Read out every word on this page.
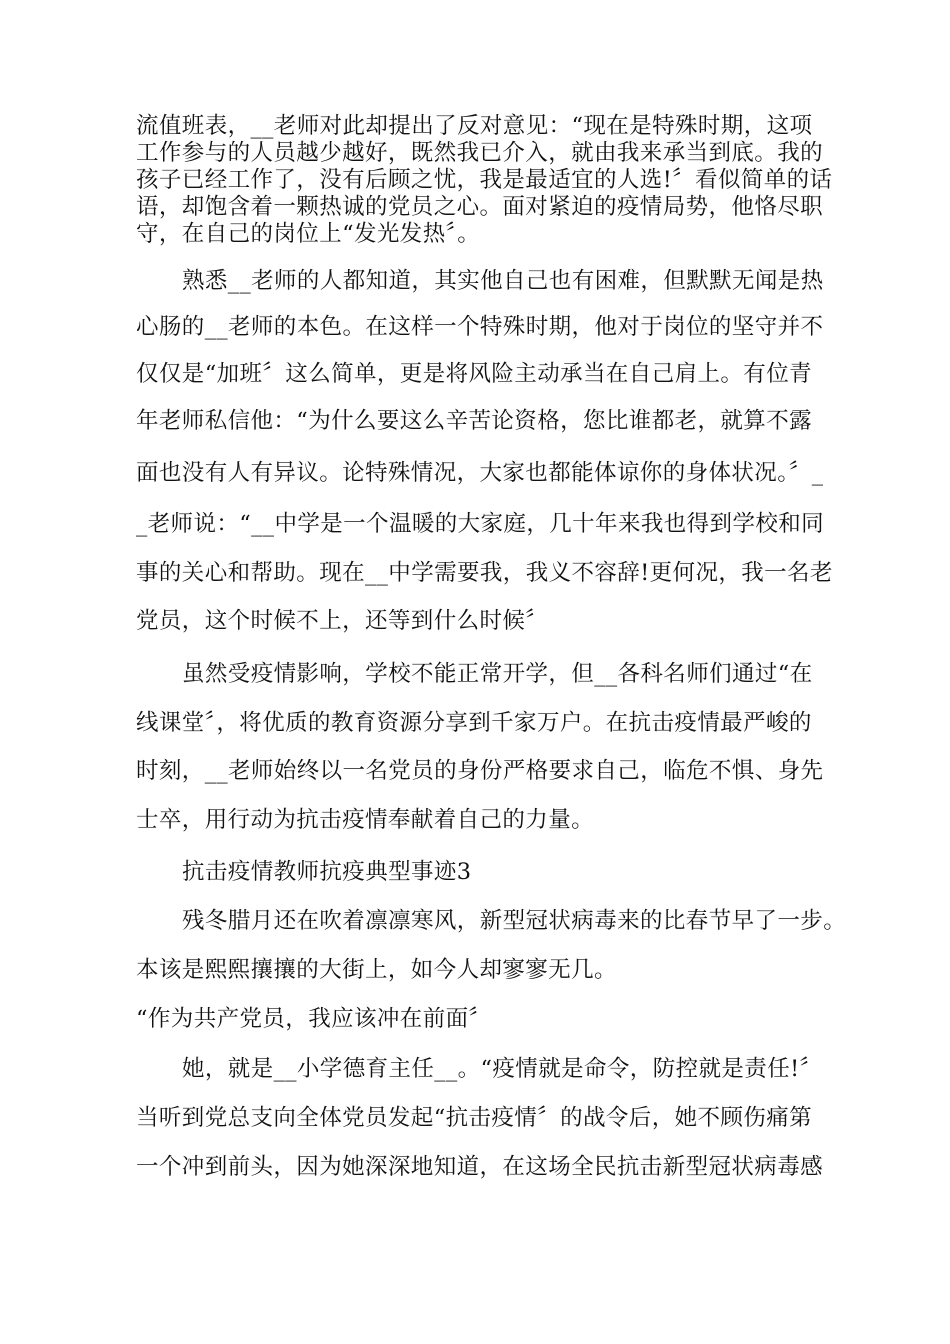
流值班表，__老师对此却提出了反对意见：“现在是特殊时期，这项
工作参与的人员越少越好，既然我已介入，就由我来承当到底。我的
孩子已经工作了，没有后顾之忧，我是最适宜的人选!〞看似简单的话
语，却饱含着一颗热诚的党员之心。面对紧迫的疫情局势，他恪尽职
守，在自己的岗位上“发光发热〞。
熟悉__老师的人都知道，其实他自己也有困难，但默默无闻是热
心肠的__老师的本色。在这样一个特殊时期，他对于岗位的坚守并不
仅仅是“加班〞这么简单，更是将风险主动承当在自己肩上。有位青
年老师私信他：“为什么要这么辛苦论资格，您比谁都老，就算不露
面也没有人有异议。论特殊情况，大家也都能体谅你的身体状况。〞_
_老师说：“__中学是一个温暖的大家庭，几十年来我也得到学校和同
事的关心和帮助。现在__中学需要我，我义不容辞!更何况，我一名老
党员，这个时候不上，还等到什么时候〞
虽然受疫情影响，学校不能正常开学，但__各科名师们通过“在
线课堂〞，将优质的教育资源分享到千家万户。在抗击疫情最严峻的
时刻，__老师始终以一名党员的身份严格要求自己，临危不惧、身先
士卒，用行动为抗击疫情奉献着自己的力量。
抗击疫情教师抗疫典型事迹3
残冬腊月还在吹着凛凛寒风，新型冠状病毒来的比春节早了一步。
本该是熙熙攘攘的大街上，如今人却寥寥无几。
“作为共产党员，我应该冲在前面〞
她，就是__小学德育主任__。“疫情就是命令，防控就是责任!〞
当听到党总支向全体党员发起“抗击疫情〞的战令后，她不顾伤痛第
一个冲到前头，因为她深深地知道，在这场全民抗击新型冠状病毒感
